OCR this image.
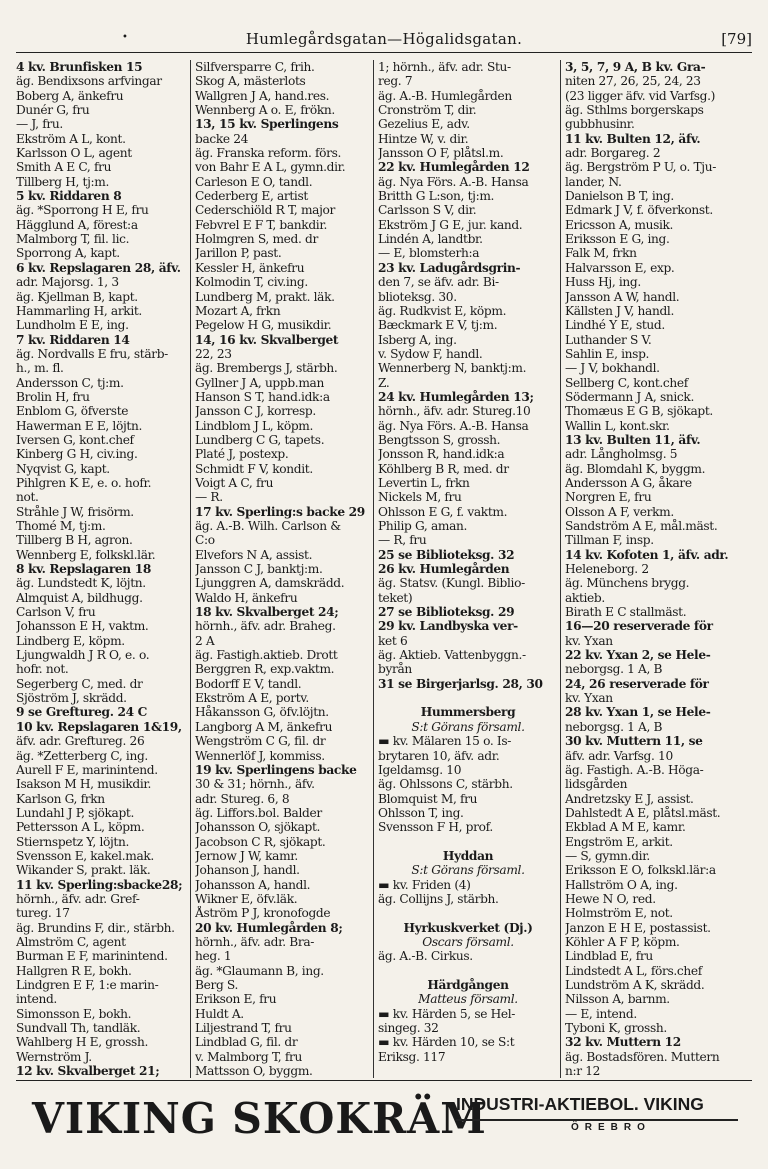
•	Humlegårdsgatan—Högalidsgatan.	[79]
4 kv. Brunfisken 15
äg. Bendixsons arfvingar
Boberg A, änkefru
Dunér G, fru
— J, fru.
Ekström A L, kont.
Karlsson O L, agent
Smith A E C, fru
Tillberg H, tj:m.
5 kv. Riddaren 8
äg. *Sporrong H E, fru
Hägglund A, förest:a
Malmborg T, fil. lic.
Sporrong A, kapt.
6 kv. Repslagaren 28, äfv.
adr. Majorsg. 1, 3
äg. Kjellman B, kapt.
Hammarling H, arkit.
Lundholm E E, ing.
7 kv. Riddaren 14
äg. Nordvalls E fru, stärb-
h., m. fl.
Andersson C, tj:m.
Brolin H, fru
Enblom G, öfverste
Hawerman E E, löjtn.
Iversen G, kont.chef
Kinberg G H, civ.ing.
Nyqvist G, kapt.
Pihlgren K E, e. o. hofr.
not.
Stråhle J W, frisörm.
Thomé M, tj:m.
Tillberg B H, agron.
Wennberg E, folkskl.lär.
8 kv. Repslagaren 18
äg. Lundstedt K, löjtn.
Almquist A, bildhugg.
Carlson V, fru
Johansson E H, vaktm.
Lindberg E, köpm.
Ljungwaldh J R O, e. o.
hofr. not.
Segerberg C, med. dr
Sjöström J, skrädd.
9 se Greftureg. 24 C
10 kv. Repslagaren 1&19,
äfv. adr. Greftureg. 26
äg. *Zetterberg C, ing.
Aurell F E, marinintend.
Isakson M H, musikdir.
Karlson G, frkn
Lundahl J P, sjökapt.
Pettersson A L, köpm.
Stiernspetz Y, löjtn.
Svensson E, kakel.mak.
Wikander S, prakt. läk.
11 kv. Sperling:sbacke28;
hörnh., äfv. adr. Gref-
tureg. 17
äg. Brundins F, dir., stärbh.
Almström C, agent
Burman E F, marinintend.
Hallgren R E, bokh.
Lindgren E F, 1:e marin-
intend.
Simonsson E, bokh.
Sundvall Th, tandläk.
Wahlberg H E, grossh.
Wernström J.
12 kv. Skvalberget 21;
Silfversparre C, frih.
Skog A, mästerlots
Wallgren J A, hand.res.
Wennberg A o. E, frökn.
13, 15 kv. Sperlingens
backe 24
äg. Franska reform. förs.
von Bahr E A L, gymn.dir.
Carleson E O, tandl.
Cederberg E, artist
Cederschiöld R T, major
Febvrel E F T, bankdir.
Holmgren S, med. dr
Jarillon P, past.
Kessler H, änkefru
Kolmodin T, civ.ing.
Lundberg M, prakt. läk.
Mozart A, frkn
Pegelow H G, musikdir.
14, 16 kv. Skvalberget
22, 23
äg. Brembergs J, stärbh.
Gyllner J A, uppb.man
Hanson S T, hand.idk:a
Jansson C J, korresp.
Lindblom J L, köpm.
Lundberg C G, tapets.
Platé J, postexp.
Schmidt F V, kondit.
Voigt A C, fru
— R.
17 kv. Sperling:s backe 29
äg. A.-B. Wilh. Carlson &
C:o
Elvefors N A, assist.
Jansson C J, banktj:m.
Ljunggren A, damskrädd.
Waldo H, änkefru
18 kv. Skvalberget 24;
hörnh., äfv. adr. Braheg.
2 A
äg. Fastigh.aktieb. Drott
Berggren R, exp.vaktm.
Bodorff E V, tandl.
Ekström A E, portv.
Håkansson G, öfv.löjtn.
Langborg A M, änkefru
Wengström C G, fil. dr
Wennerlöf J, kommiss.
19 kv. Sperlingens backe
30 & 31; hörnh., äfv.
adr. Stureg. 6, 8
äg. Liffors.bol. Balder
Johansson O, sjökapt.
Jacobson C R, sjökapt.
Jernow J W, kamr.
Johanson J, handl.
Johansson A, handl.
Wikner E, öfv.läk.
Åström P J, kronofogde
20 kv. Humlegården 8;
hörnh., äfv. adr. Bra-
heg. 1
äg. *Glaumann B, ing.
Berg S.
Erikson E, fru
Huldt A.
Liljestrand T, fru
Lindblad G, fil. dr
v. Malmborg T, fru
Mattsson O, byggm.
1; hörnh., äfv. adr. Stu-
reg. 7
äg. A.-B. Humlegården
Cronström T, dir.
Gezelius E, adv.
Hintze W, v. dir.
Jansson O F, plåtsl.m.
22 kv. Humlegården 12
äg. Nya Förs. A.-B. Hansa
Britth G L:son, tj:m.
Carlsson S V, dir.
Ekström J G E, jur. kand.
Lindén A, landtbr.
— E, blomsterh:a
23 kv. Ladugårdsgrin-
den 7, se äfv. adr. Bi-
blioteksg. 30.
äg. Rudkvist E, köpm.
Bæckmark E V, tj:m.
Isberg A, ing.
v. Sydow F, handl.
Wennerberg N, banktj:m.
Z.
24 kv. Humlegården 13;
hörnh., äfv. adr. Stureg.10
äg. Nya Förs. A.-B. Hansa
Bengtsson S, grossh.
Jonsson R, hand.idk:a
Köhlberg B R, med. dr
Levertin L, frkn
Nickels M, fru
Ohlsson E G, f. vaktm.
Philip G, aman.
— R, fru
25 se Biblioteksg. 32
26 kv. Humlegården
äg. Statsv. (Kungl. Biblio-
teket)
27 se Biblioteksg. 29
29 kv. Landbyska ver-
ket 6
äg. Aktieb. Vattenbyggn.-
byrån
31 se Birgerjarlsg. 28, 30
Hummersberg
S:t Görans församl.
▬ kv. Mälaren 15 o. Is-
brytaren 10, äfv. adr.
Igeldamsg. 10
äg. Ohlssons C, stärbh.
Blomquist M, fru
Ohlsson T, ing.
Svensson F H, prof.
Hyddan
S:t Görans församl.
▬ kv. Friden (4)
äg. Collijns J, stärbh.
Hyrkuskverket (Dj.)
Oscars församl.
äg. A.-B. Cirkus.
Härdgången
Matteus församl.
▬ kv. Härden 5, se Hel-
singeg. 32
▬ kv. Härden 10, se S:t
Eriksg. 117
3, 5, 7, 9 A, B kv. Gra-
niten 27, 26, 25, 24, 23
(23 ligger äfv. vid Varfsg.)
äg. Sthlms borgerskaps
gubbhusinr.
11 kv. Bulten 12, äfv.
adr. Borgareg. 2
äg. Bergström P U, o. Tju-
lander, N.
Danielson B T, ing.
Edmark J V, f. öfverkonst.
Ericsson A, musik.
Eriksson E G, ing.
Falk M, frkn
Halvarsson E, exp.
Huss Hj, ing.
Jansson A W, handl.
Källsten J V, handl.
Lindhé Y E, stud.
Luthander S V.
Sahlin E, insp.
— J V, bokhandl.
Sellberg C, kont.chef
Södermann J A, snick.
Thomæus E G B, sjökapt.
Wallin L, kont.skr.
13 kv. Bulten 11, äfv.
adr. Långholmsg. 5
äg. Blomdahl K, byggm.
Andersson A G, åkare
Norgren E, fru
Olsson A F, verkm.
Sandström A E, mål.mäst.
Tillman F, insp.
14 kv. Kofoten 1, äfv. adr.
Heleneborg. 2
äg. Münchens brygg.
aktieb.
Birath E C stallmäst.
16—20 reserverade för
kv. Yxan
22 kv. Yxan 2, se Hele-
neborgsg. 1 A, B
24, 26 reserverade för
kv. Yxan
28 kv. Yxan 1, se Hele-
neborgsg. 1 A, B
30 kv. Muttern 11, se
äfv. adr. Varfsg. 10
äg. Fastigh. A.-B. Höga-
lidsgården
Andretzsky E J, assist.
Dahlstedt A E, plåtsl.mäst.
Ekblad A M E, kamr.
Engström E, arkit.
— S, gymn.dir.
Eriksson E O, folkskl.lär:a
Hallström O A, ing.
Hewe N O, red.
Holmström E, not.
Janzon E H E, postassist.
Köhler A F P, köpm.
Lindblad E, fru
Lindstedt A L, förs.chef
Lundström A K, skrädd.
Nilsson A, barnm.
— E, intend.
Tyboni K, grossh.
32 kv. Muttern 12
äg. Bostadsfören. Muttern
n:r 12
VIKING SKOKRÄM
INDUSTRI-AKTIEBOL. VIKING
ÖREBRO
